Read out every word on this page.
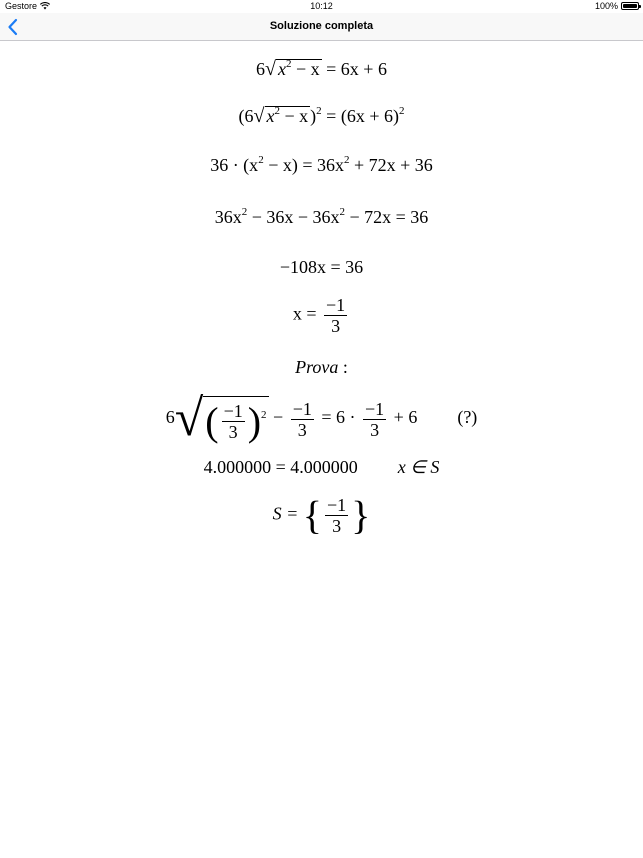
Gestore	10:12	100%
Soluzione completa
6√ $x^2 - x = 6x + 6$
(6√ $x^2 - x$ )$^2 = (6x + 6)^2$
$36 \cdot (x^2 - x) = 36x^2 + 72x + 36$
$36x^2 - 36x - 36x^2 - 72x = 36$
−108x = 36
$x = \frac{-1}{3}$
Prova :
$6√( \frac{-1}{3} )^2 - \frac{-1}{3} = 6 \cdot \frac{-1}{3} + 6$ (?)
4.000000 = 4.000000 x ∈ S
S = { $\frac{-1}{3}$ }
